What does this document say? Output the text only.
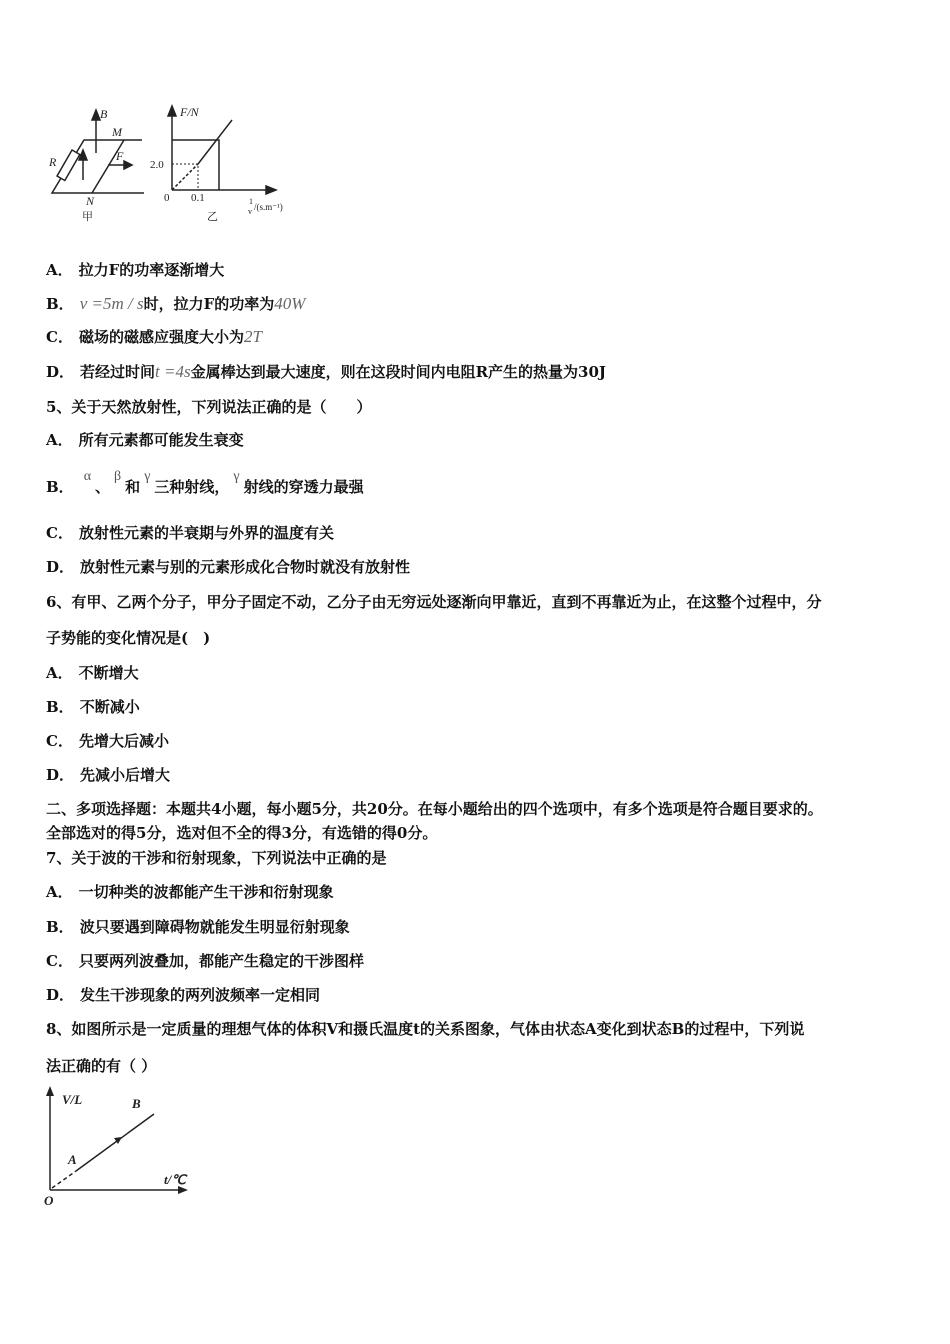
B
M
R	F
N
F/N
甲
2.0
0 0.1	1
v /(s.m⁻¹)
乙
A． 拉力F的功率逐渐增大
B． v =5m / s时，拉力F的功率为40W
C． 磁场的磁感应强度大小为2T
D． 若经过时间t =4s金属棒达到最大速度，则在这段时间内电阻R产生的热量为30J
5、关于天然放射性，下列说法正确的是（　　）
A． 所有元素都可能发生衰变
B．α、β和γ三种射线，γ射线的穿透力最强
C． 放射性元素的半衰期与外界的温度有关
D． 放射性元素与别的元素形成化合物时就没有放射性
6、有甲、乙两个分子，甲分子固定不动，乙分子由无穷远处逐渐向甲靠近，直到不再靠近为止，在这整个过程中，分
子势能的变化情况是(　)
A． 不断增大
B． 不断减小
C． 先增大后减小
D． 先减小后增大
二、多项选择题：本题共4小题，每小题5分，共20分。在每小题给出的四个选项中，有多个选项是符合题目要求的。
全部选对的得5分，选对但不全的得3分，有选错的得0分。
7、关于波的干涉和衍射现象，下列说法中正确的是
A． 一切种类的波都能产生干涉和衍射现象
B． 波只要遇到障碍物就能发生明显衍射现象
C． 只要两列波叠加，都能产生稳定的干涉图样
D． 发生干涉现象的两列波频率一定相同
8、如图所示是一定质量的理想气体的体积V和摄氏温度t的关系图象，气体由状态A变化到状态B的过程中，下列说
法正确的有（ ）
V/L
t/℃
O
A
B
